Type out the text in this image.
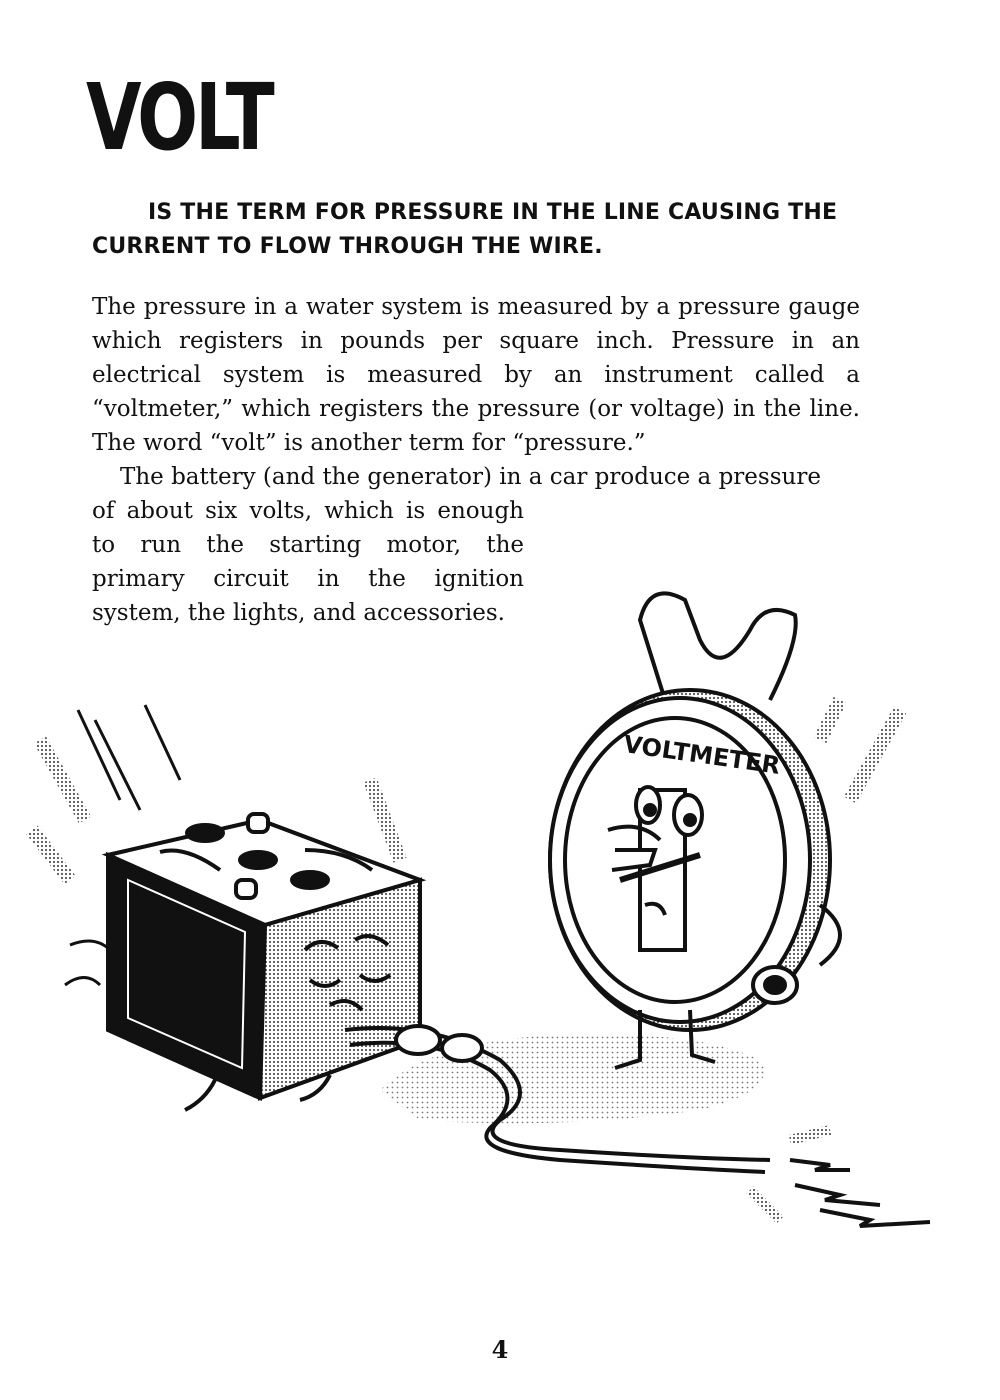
VOLT
IS THE TERM FOR PRESSURE IN THE LINE CAUSING THE CURRENT TO FLOW THROUGH THE WIRE.

The pressure in a water system is measured by a pressure gauge which registers in pounds per square inch. Pressure in an electrical system is measured by an instrument called a “voltmeter,” which registers the pressure (or voltage) in the line. The word “volt” is another term for “pressure.”

The battery (and the generator) in a car produce a pressure

of about six volts, which is enough to run the starting motor, the primary circuit in the ignition system, the lights, and accessories.

VOLTMETER
4
